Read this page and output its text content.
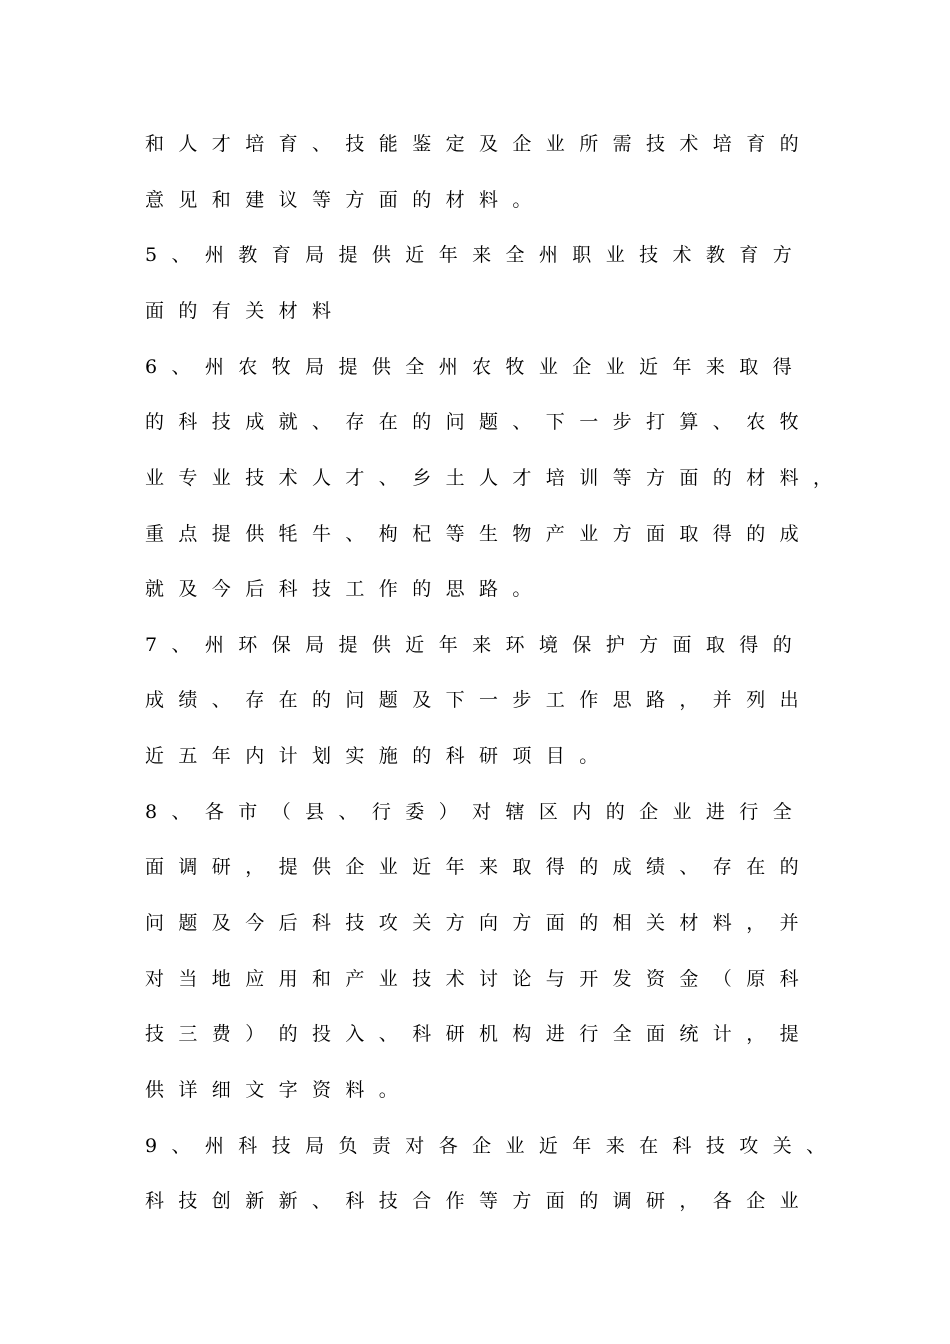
和人才培育、技能鉴定及企业所需技术培育的
意见和建议等方面的材料。
5、州教育局提供近年来全州职业技术教育方
面的有关材料
6、州农牧局提供全州农牧业企业近年来取得
的科技成就、存在的问题、下一步打算、农牧
业专业技术人才、乡土人才培训等方面的材料，
重点提供牦牛、枸杞等生物产业方面取得的成
就及今后科技工作的思路。
7、州环保局提供近年来环境保护方面取得的
成绩、存在的问题及下一步工作思路，并列出
近五年内计划实施的科研项目。
8、各市（县、行委）对辖区内的企业进行全
面调研，提供企业近年来取得的成绩、存在的
问题及今后科技攻关方向方面的相关材料，并
对当地应用和产业技术讨论与开发资金（原科
技三费）的投入、科研机构进行全面统计，提
供详细文字资料。
9、州科技局负责对各企业近年来在科技攻关、
科技创新新、科技合作等方面的调研，各企业
